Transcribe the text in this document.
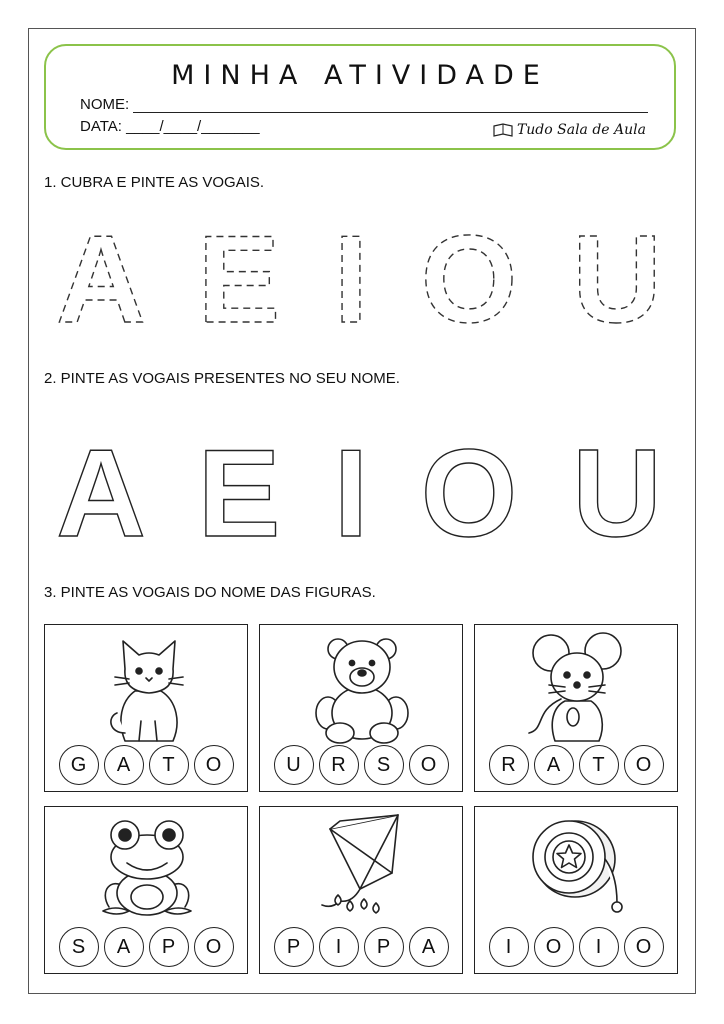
MINHA ATIVIDADE
NOME:
DATA: ____/____/_______	Tudo Sala de Aula
1. CUBRA E PINTE AS VOGAIS.
A E I O U
2. PINTE AS VOGAIS PRESENTES NO SEU NOME.
A E I O U
3. PINTE AS VOGAIS DO NOME DAS FIGURAS.
G	A	T	O	U	R	S	O	R	A	T	O
S	A	P	O	P	I	P	A	I	O	I	O
